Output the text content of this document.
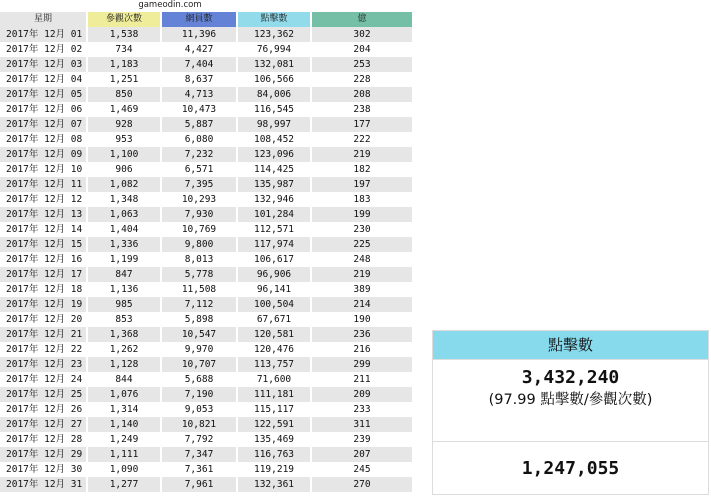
gameodin.com
星期	參觀次數	網員數	點擊數	億
2017年 12月 01	1,538	11,396	123,362	302
2017年 12月 02	734	4,427	76,994	204
2017年 12月 03	1,183	7,404	132,081	253
2017年 12月 04	1,251	8,637	106,566	228
2017年 12月 05	850	4,713	84,006	208
2017年 12月 06	1,469	10,473	116,545	238
2017年 12月 07	928	5,887	98,997	177
2017年 12月 08	953	6,080	108,452	222
2017年 12月 09	1,100	7,232	123,096	219
2017年 12月 10	906	6,571	114,425	182
2017年 12月 11	1,082	7,395	135,987	197
2017年 12月 12	1,348	10,293	132,946	183
2017年 12月 13	1,063	7,930	101,284	199
2017年 12月 14	1,404	10,769	112,571	230
2017年 12月 15	1,336	9,800	117,974	225
2017年 12月 16	1,199	8,013	106,617	248
2017年 12月 17	847	5,778	96,906	219
2017年 12月 18	1,136	11,508	96,141	389
2017年 12月 19	985	7,112	100,504	214
2017年 12月 20	853	5,898	67,671	190
2017年 12月 21	1,368	10,547	120,581	236
2017年 12月 22	1,262	9,970	120,476	216
2017年 12月 23	1,128	10,707	113,757	299
2017年 12月 24	844	5,688	71,600	211
2017年 12月 25	1,076	7,190	111,181	209
2017年 12月 26	1,314	9,053	115,117	233
2017年 12月 27	1,140	10,821	122,591	311
2017年 12月 28	1,249	7,792	135,469	239
2017年 12月 29	1,111	7,347	116,763	207
2017年 12月 30	1,090	7,361	119,219	245
2017年 12月 31	1,277	7,961	132,361	270
點擊數
3,432,240
(97.99 點擊數/參觀次數)
1,247,055
